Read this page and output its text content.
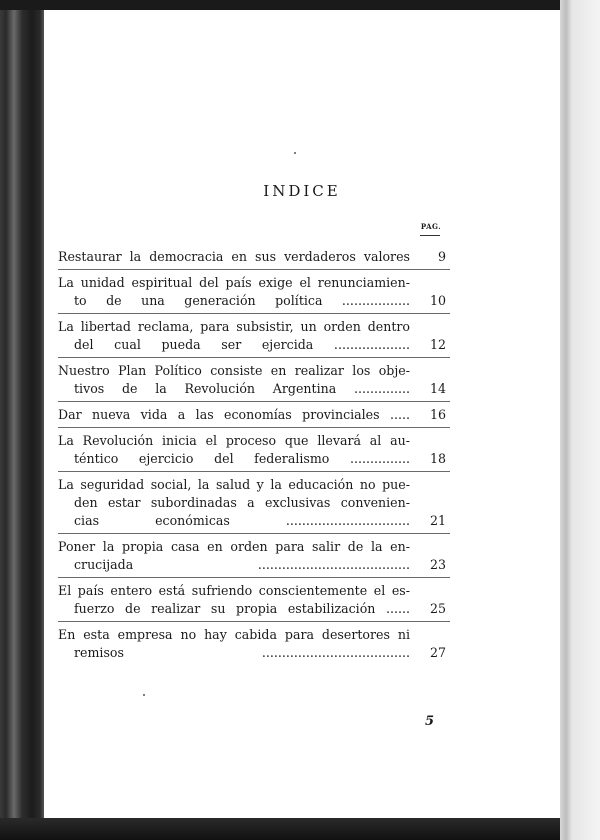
INDICE
PAG.
Restaurar la democracia en sus verdaderos valores	9
La unidad espiritual del país exige el renunciamien-
to de una generación política .................	10
La libertad reclama, para subsistir, un orden dentro
del cual pueda ser ejercida ...................	12
Nuestro Plan Político consiste en realizar los obje-
tivos de la Revolución Argentina ..............	14
Dar nueva vida a las economías provinciales .....	16
La Revolución inicia el proceso que llevará al au-
téntico ejercicio del federalismo ...............	18
La seguridad social, la salud y la educación no pue-
den estar subordinadas a exclusivas convenien-
cias económicas ...............................	21
Poner la propia casa en orden para salir de la en-
crucijada ......................................	23
El país entero está sufriendo conscientemente el es-
fuerzo de realizar su propia estabilización ......	25
En esta empresa no hay cabida para desertores ni
remisos .....................................	27
5
